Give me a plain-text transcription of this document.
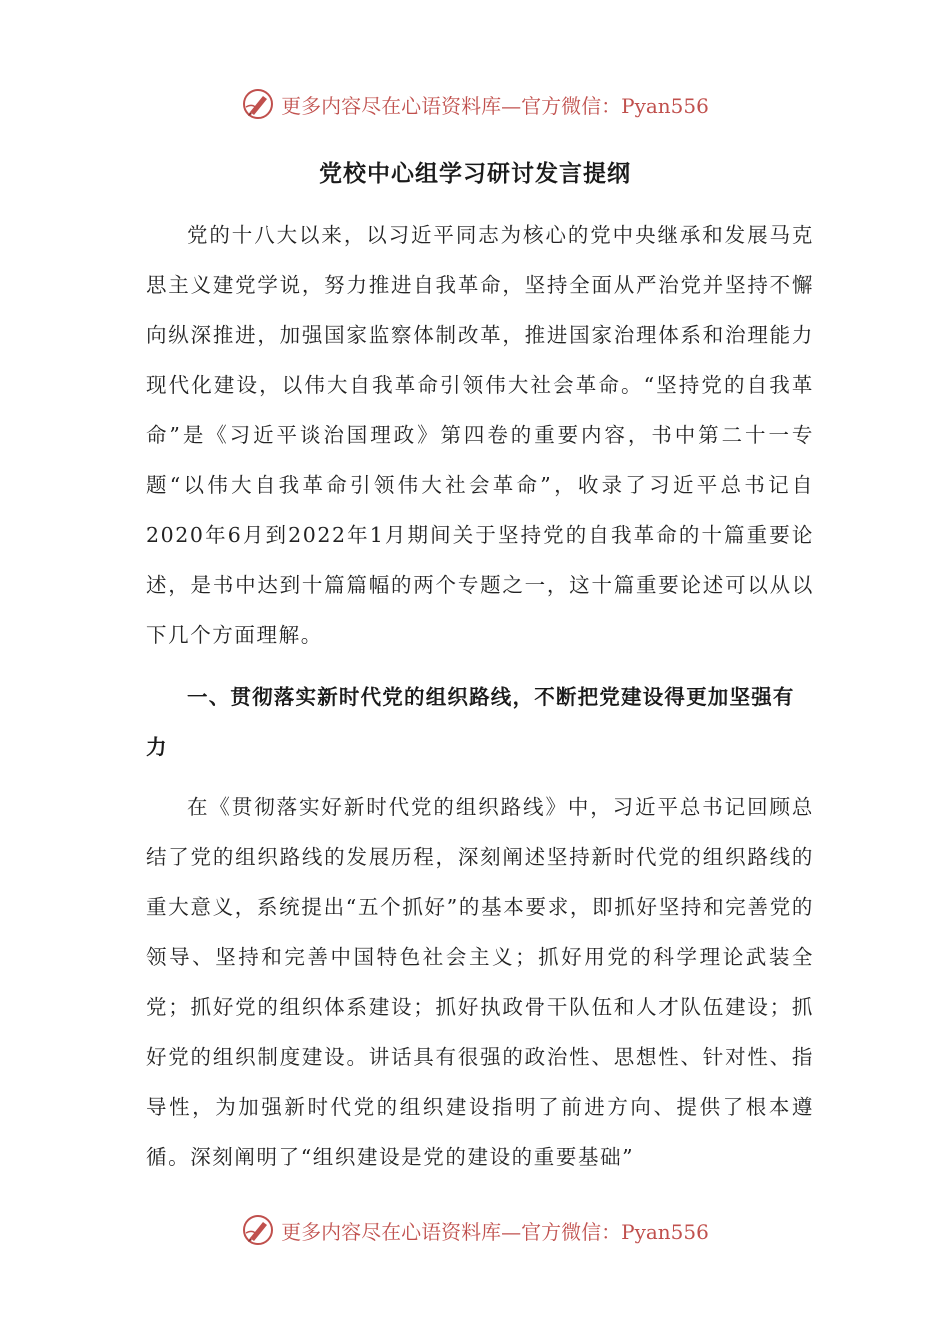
更多内容尽在心语资料库—官方微信：Pyan556
党校中心组学习研讨发言提纲

党的十八大以来，以习近平同志为核心的党中央继承和发展马克思主义建党学说，努力推进自我革命，坚持全面从严治党并坚持不懈向纵深推进，加强国家监察体制改革，推进国家治理体系和治理能力现代化建设，以伟大自我革命引领伟大社会革命。“坚持党的自我革命”是《习近平谈治国理政》第四卷的重要内容，书中第二十一专题“以伟大自我革命引领伟大社会革命”，收录了习近平总书记自2020年6月到2022年1月期间关于坚持党的自我革命的十篇重要论述，是书中达到十篇篇幅的两个专题之一，这十篇重要论述可以从以下几个方面理解。

一、贯彻落实新时代党的组织路线，不断把党建设得更加坚强有力

在《贯彻落实好新时代党的组织路线》中，习近平总书记回顾总结了党的组织路线的发展历程，深刻阐述坚持新时代党的组织路线的重大意义，系统提出“五个抓好”的基本要求，即抓好坚持和完善党的领导、坚持和完善中国特色社会主义；抓好用党的科学理论武装全党；抓好党的组织体系建设；抓好执政骨干队伍和人才队伍建设；抓好党的组织制度建设。讲话具有很强的政治性、思想性、针对性、指导性，为加强新时代党的组织建设指明了前进方向、提供了根本遵循。深刻阐明了“组织建设是党的建设的重要基础”

更多内容尽在心语资料库—官方微信：Pyan556
